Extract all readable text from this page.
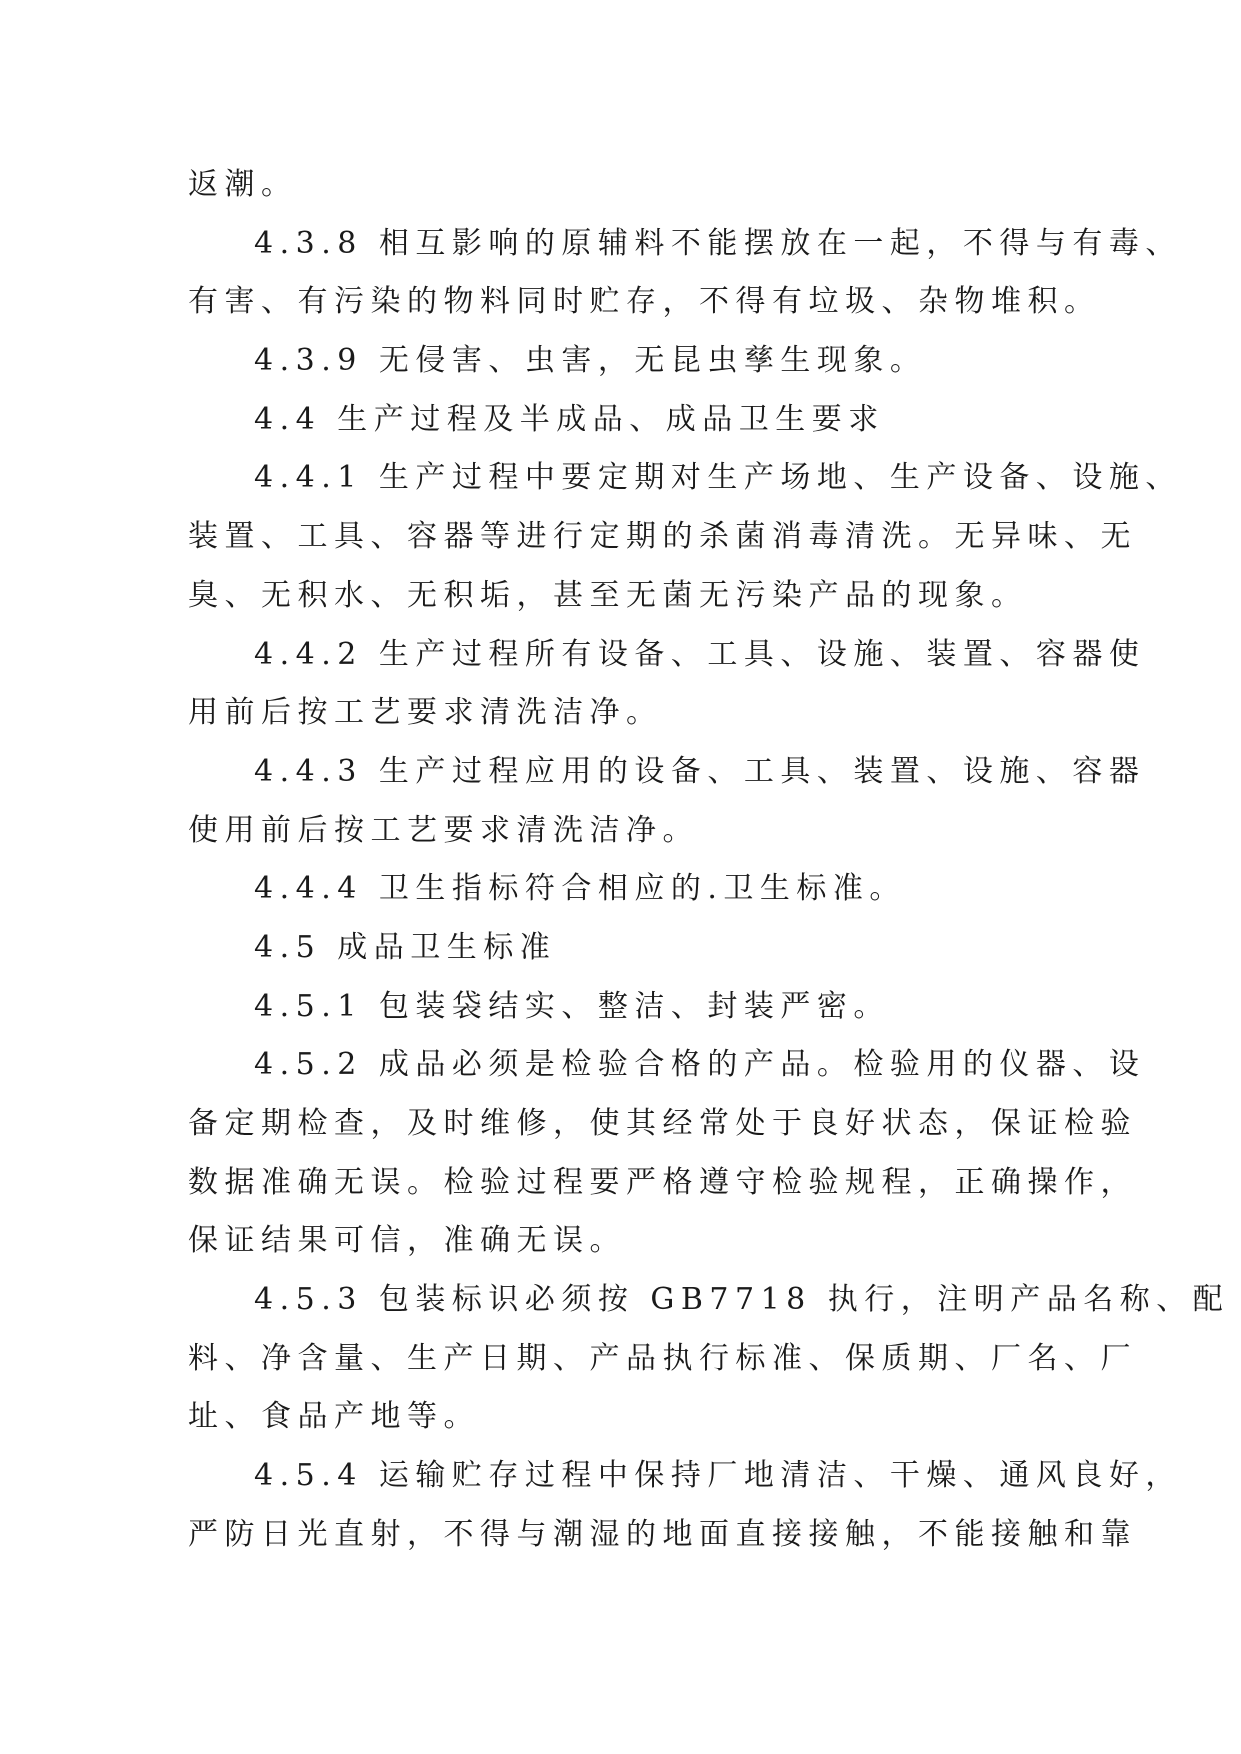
返潮。
4.3.8 相互影响的原辅料不能摆放在一起，不得与有毒、
有害、有污染的物料同时贮存，不得有垃圾、杂物堆积。
4.3.9 无侵害、虫害，无昆虫孳生现象。
4.4 生产过程及半成品、成品卫生要求
4.4.1 生产过程中要定期对生产场地、生产设备、设施、
装置、工具、容器等进行定期的杀菌消毒清洗。无异味、无
臭、无积水、无积垢，甚至无菌无污染产品的现象。
4.4.2 生产过程所有设备、工具、设施、装置、容器使
用前后按工艺要求清洗洁净。
4.4.3 生产过程应用的设备、工具、装置、设施、容器
使用前后按工艺要求清洗洁净。
4.4.4 卫生指标符合相应的.卫生标准。
4.5 成品卫生标准
4.5.1 包装袋结实、整洁、封装严密。
4.5.2 成品必须是检验合格的产品。检验用的仪器、设
备定期检查，及时维修，使其经常处于良好状态，保证检验
数据准确无误。检验过程要严格遵守检验规程，正确操作，
保证结果可信，准确无误。
4.5.3 包装标识必须按 GB7718 执行，注明产品名称、配
料、净含量、生产日期、产品执行标准、保质期、厂名、厂
址、食品产地等。
4.5.4 运输贮存过程中保持厂地清洁、干燥、通风良好，
严防日光直射，不得与潮湿的地面直接接触，不能接触和靠
